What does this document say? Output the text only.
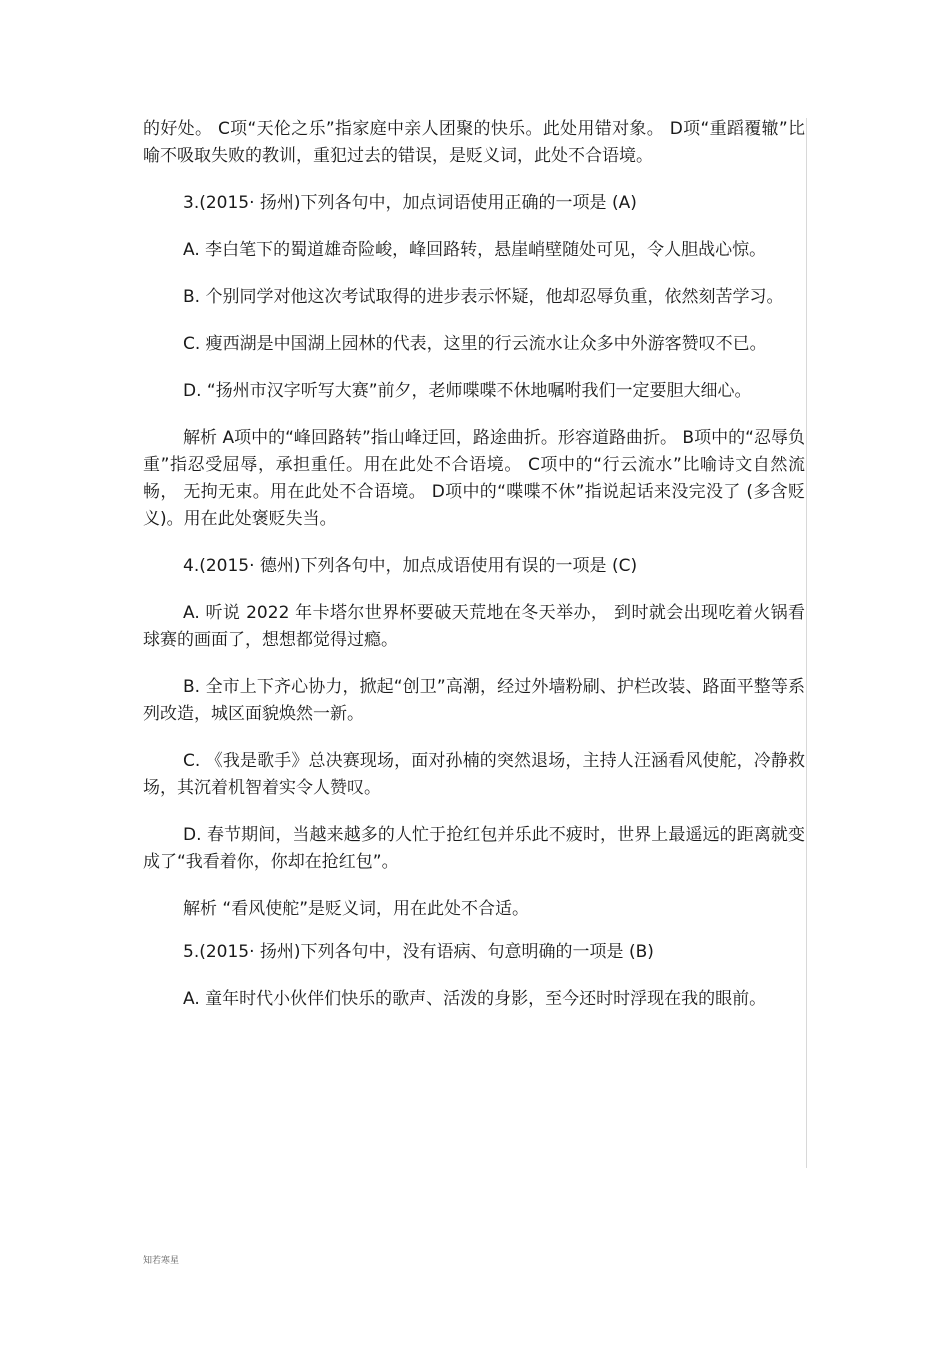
的好处。 C项“天伦之乐”指家庭中亲人团聚的快乐。此处用错对象。 D项“重蹈覆辙”比喻不吸取失败的教训，重犯过去的错误，是贬义词，此处不合语境。

3.(2015· 扬州)下列各句中，加点词语使用正确的一项是 (A)

A. 李白笔下的蜀道雄奇险峻，峰回路转，悬崖峭壁随处可见，令人胆战心惊。

B. 个别同学对他这次考试取得的进步表示怀疑，他却忍辱负重，依然刻苦学习。

C. 瘦西湖是中国湖上园林的代表，这里的行云流水让众多中外游客赞叹不已。

D. “扬州市汉字听写大赛”前夕，老师喋喋不休地嘱咐我们一定要胆大细心。

解析 A项中的“峰回路转”指山峰迂回，路途曲折。形容道路曲折。 B项中的“忍辱负重”指忍受屈辱，承担重任。用在此处不合语境。 C项中的“行云流水”比喻诗文自然流畅， 无拘无束。用在此处不合语境。 D项中的“喋喋不休”指说起话来没完没了 (多含贬义)。用在此处褒贬失当。

4.(2015· 德州)下列各句中，加点成语使用有误的一项是 (C)

A. 听说 2022 年卡塔尔世界杯要破天荒地在冬天举办， 到时就会出现吃着火锅看球赛的画面了，想想都觉得过瘾。

B. 全市上下齐心协力，掀起“创卫”高潮，经过外墙粉刷、护栏改装、路面平整等系列改造，城区面貌焕然一新。

C. 《我是歌手》总决赛现场，面对孙楠的突然退场，主持人汪涵看风使舵，冷静救场，其沉着机智着实令人赞叹。

D. 春节期间，当越来越多的人忙于抢红包并乐此不疲时，世界上最遥远的距离就变成了“我看着你，你却在抢红包”。

解析 “看风使舵”是贬义词，用在此处不合适。

5.(2015· 扬州)下列各句中，没有语病、句意明确的一项是 (B)

A. 童年时代小伙伴们快乐的歌声、活泼的身影，至今还时时浮现在我的眼前。

知若寒星
